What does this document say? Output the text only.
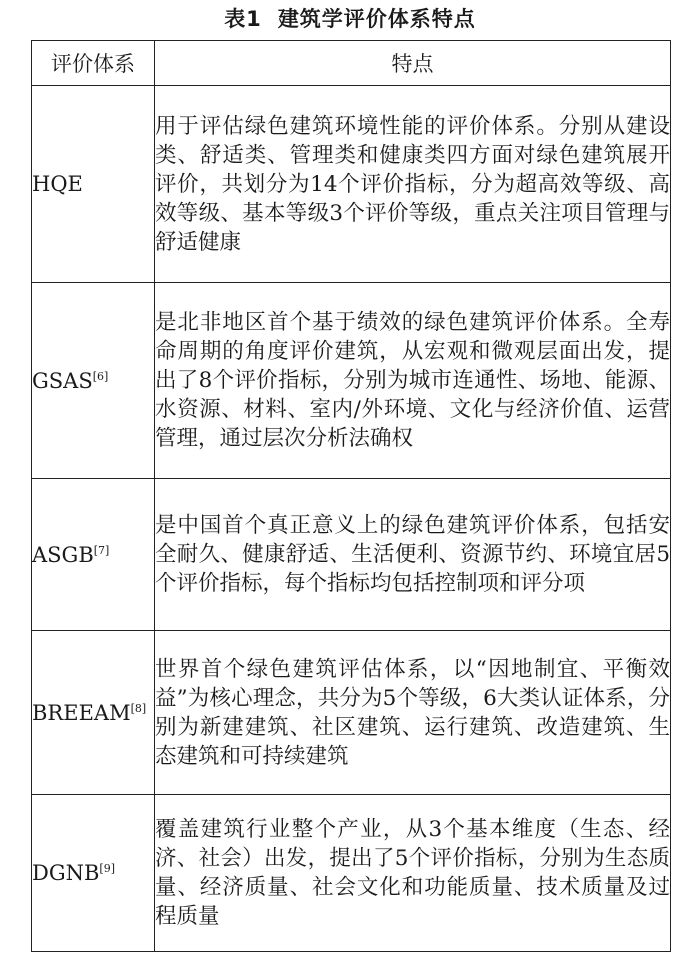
表1 建筑学评价体系特点
评价体系	特点
HQE	用于评估绿色建筑环境性能的评价体系。分别从建设类、舒适类、管理类和健康类四方面对绿色建筑展开评价，共划分为14个评价指标，分为超高效等级、高效等级、基本等级3个评价等级，重点关注项目管理与舒适健康
GSAS[6]	是北非地区首个基于绩效的绿色建筑评价体系。全寿命周期的角度评价建筑，从宏观和微观层面出发，提出了8个评价指标，分别为城市连通性、场地、能源、水资源、材料、室内/外环境、文化与经济价值、运营管理，通过层次分析法确权
ASGB[7]	是中国首个真正意义上的绿色建筑评价体系，包括安全耐久、健康舒适、生活便利、资源节约、环境宜居5个评价指标，每个指标均包括控制项和评分项
BREEAM[8]	世界首个绿色建筑评估体系，以“因地制宜、平衡效益”为核心理念，共分为5个等级，6大类认证体系，分别为新建建筑、社区建筑、运行建筑、改造建筑、生态建筑和可持续建筑
DGNB[9]	覆盖建筑行业整个产业，从3个基本维度（生态、经济、社会）出发，提出了5个评价指标，分别为生态质量、经济质量、社会文化和功能质量、技术质量及过程质量
